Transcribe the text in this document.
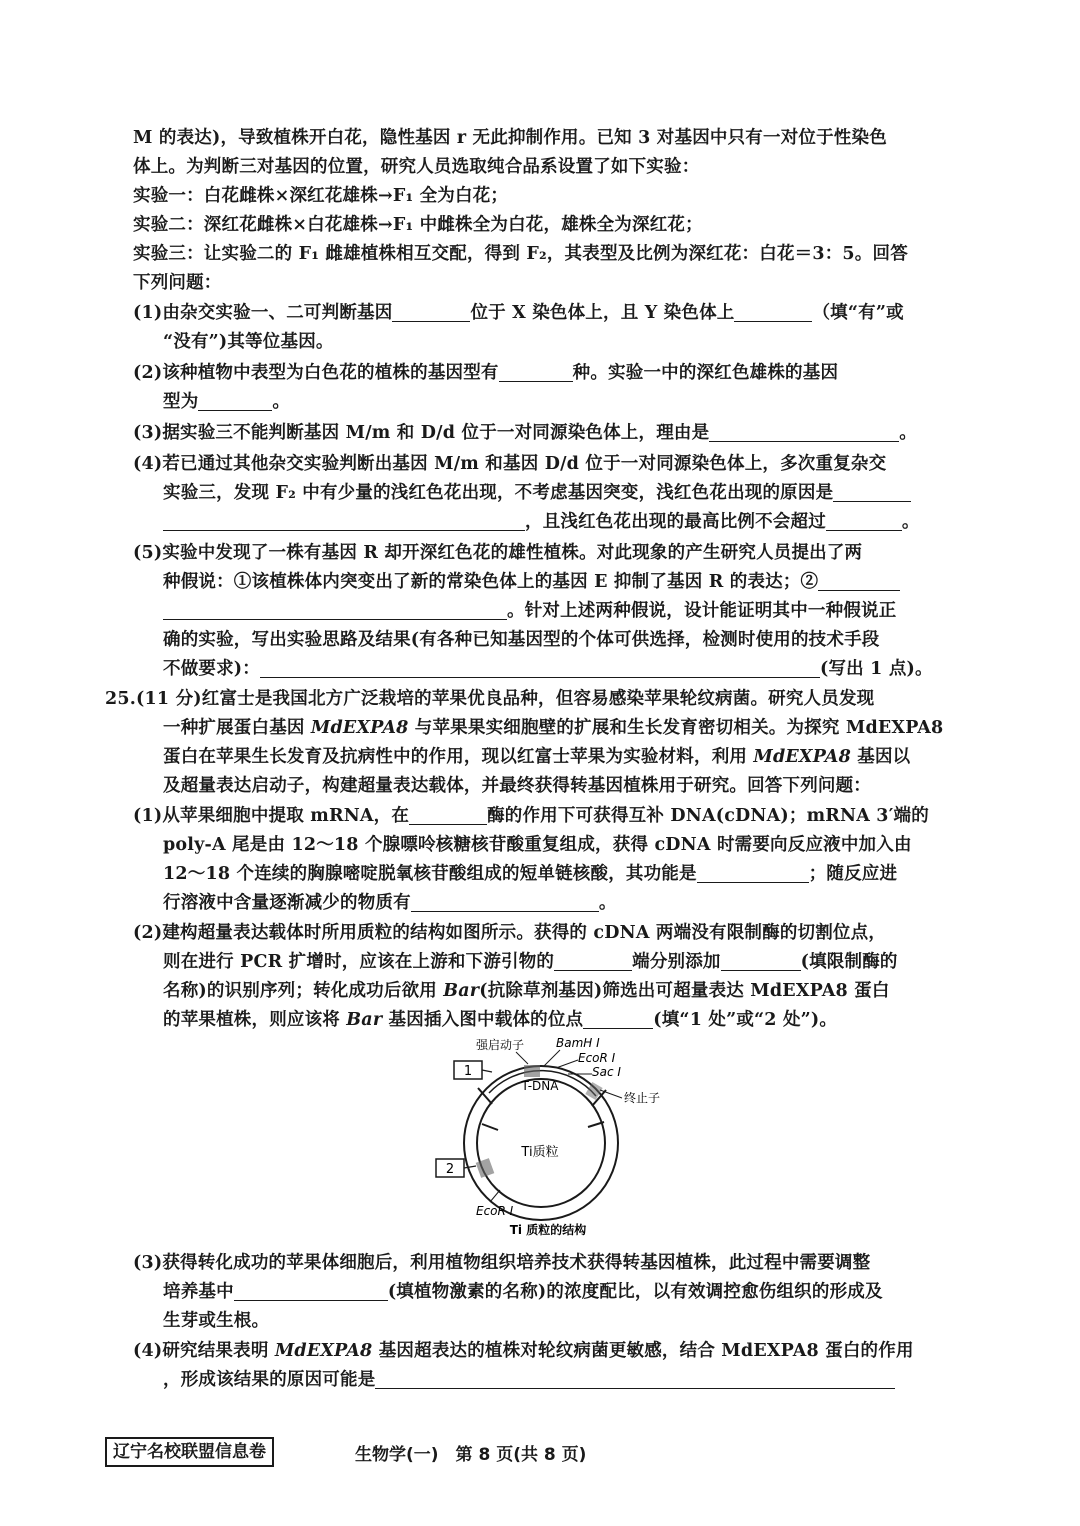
M 的表达)，导致植株开白花，隐性基因 r 无此抑制作用。已知 3 对基因中只有一对位于性染色
体上。为判断三对基因的位置，研究人员选取纯合品系设置了如下实验：
实验一：白花雌株×深红花雄株→F₁ 全为白花；
实验二：深红花雌株×白花雄株→F₁ 中雌株全为白花，雄株全为深红花；
实验三：让实验二的 F₁ 雌雄植株相互交配，得到 F₂，其表型及比例为深红花：白花＝3：5。回答
下列问题：
(1)由杂交实验一、二可判断基因	位于 X 染色体上，且 Y 染色体上	（填“有”或
“没有”)其等位基因。
(2)该种植物中表型为白色花的植株的基因型有	种。实验一中的深红色雄株的基因
型为	。
(3)据实验三不能判断基因 M/m 和 D/d 位于一对同源染色体上，理由是	。
(4)若已通过其他杂交实验判断出基因 M/m 和基因 D/d 位于一对同源染色体上，多次重复杂交
实验三，发现 F₂ 中有少量的浅红色花出现，不考虑基因突变，浅红色花出现的原因是
，且浅红色花出现的最高比例不会超过	。
(5)实验中发现了一株有基因 R 却开深红色花的雄性植株。对此现象的产生研究人员提出了两
种假说：①该植株体内突变出了新的常染色体上的基因 E 抑制了基因 R 的表达；②
。针对上述两种假说，设计能证明其中一种假说正
确的实验，写出实验思路及结果(有各种已知基因型的个体可供选择，检测时使用的技术手段
不做要求)：	(写出 1 点)。
25.(11 分)红富士是我国北方广泛栽培的苹果优良品种，但容易感染苹果轮纹病菌。研究人员发现
一种扩展蛋白基因 MdEXPA8 与苹果果实细胞壁的扩展和生长发育密切相关。为探究 MdEXPA8
蛋白在苹果生长发育及抗病性中的作用，现以红富士苹果为实验材料，利用 MdEXPA8 基因以
及超量表达启动子，构建超量表达载体，并最终获得转基因植株用于研究。回答下列问题：
(1)从苹果细胞中提取 mRNA，在	酶的作用下可获得互补 DNA(cDNA)；mRNA 3′端的
poly-A 尾是由 12～18 个腺嘌呤核糖核苷酸重复组成，获得 cDNA 时需要向反应液中加入由
12～18 个连续的胸腺嘧啶脱氧核苷酸组成的短单链核酸，其功能是	；随反应进
行溶液中含量逐渐减少的物质有	。
(2)建构超量表达载体时所用质粒的结构如图所示。获得的 cDNA 两端没有限制酶的切割位点，
则在进行 PCR 扩增时，应该在上游和下游引物的	端分别添加	(填限制酶的
名称)的识别序列；转化成功后欲用 Bar(抗除草剂基因)筛选出可超量表达 MdEXPA8 蛋白
的苹果植株，则应该将 Bar 基因插入图中载体的位点	(填“1 处”或“2 处”)。
1
2
强启动子	BamH I
EcoR I
Sac I
T-DNA
终止子
Ti质粒
EcoR I
Ti 质粒的结构
(3)获得转化成功的苹果体细胞后，利用植物组织培养技术获得转基因植株，此过程中需要调整
培养基中	(填植物激素的名称)的浓度配比，以有效调控愈伤组织的形成及
生芽或生根。
(4)研究结果表明 MdEXPA8 基因超表达的植株对轮纹病菌更敏感，结合 MdEXPA8 蛋白的作用
，形成该结果的原因可能是
辽宁名校联盟信息卷	生物学(一)　第 8 页(共 8 页)
